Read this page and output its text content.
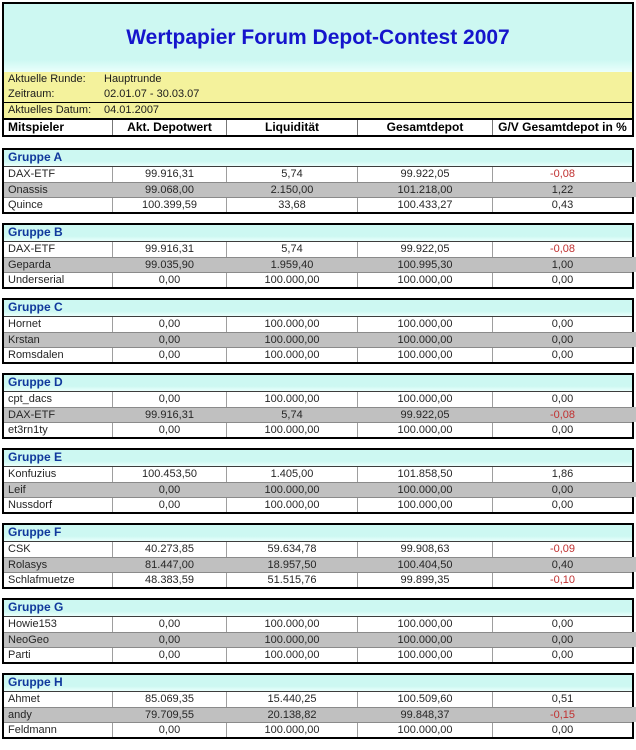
Wertpapier Forum Depot-Contest 2007
Aktuelle Runde:	Hauptrunde
Zeitraum:	02.01.07 - 30.03.07
Aktuelles Datum:	04.01.2007
Mitspieler	Akt. Depotwert	Liquidität	Gesamtdepot	G/V Gesamtdepot in %
Gruppe A
DAX-ETF	99.916,31	5,74	99.922,05	-0,08
Onassis	99.068,00	2.150,00	101.218,00	1,22
Quince	100.399,59	33,68	100.433,27	0,43
Gruppe B
DAX-ETF	99.916,31	5,74	99.922,05	-0,08
Geparda	99.035,90	1.959,40	100.995,30	1,00
Underserial	0,00	100.000,00	100.000,00	0,00
Gruppe C
Hornet	0,00	100.000,00	100.000,00	0,00
Krstan	0,00	100.000,00	100.000,00	0,00
Romsdalen	0,00	100.000,00	100.000,00	0,00
Gruppe D
cpt_dacs	0,00	100.000,00	100.000,00	0,00
DAX-ETF	99.916,31	5,74	99.922,05	-0,08
et3rn1ty	0,00	100.000,00	100.000,00	0,00
Gruppe E
Konfuzius	100.453,50	1.405,00	101.858,50	1,86
Leif	0,00	100.000,00	100.000,00	0,00
Nussdorf	0,00	100.000,00	100.000,00	0,00
Gruppe F
CSK	40.273,85	59.634,78	99.908,63	-0,09
Rolasys	81.447,00	18.957,50	100.404,50	0,40
Schlafmuetze	48.383,59	51.515,76	99.899,35	-0,10
Gruppe G
Howie153	0,00	100.000,00	100.000,00	0,00
NeoGeo	0,00	100.000,00	100.000,00	0,00
Parti	0,00	100.000,00	100.000,00	0,00
Gruppe H
Ahmet	85.069,35	15.440,25	100.509,60	0,51
andy	79.709,55	20.138,82	99.848,37	-0,15
Feldmann	0,00	100.000,00	100.000,00	0,00
